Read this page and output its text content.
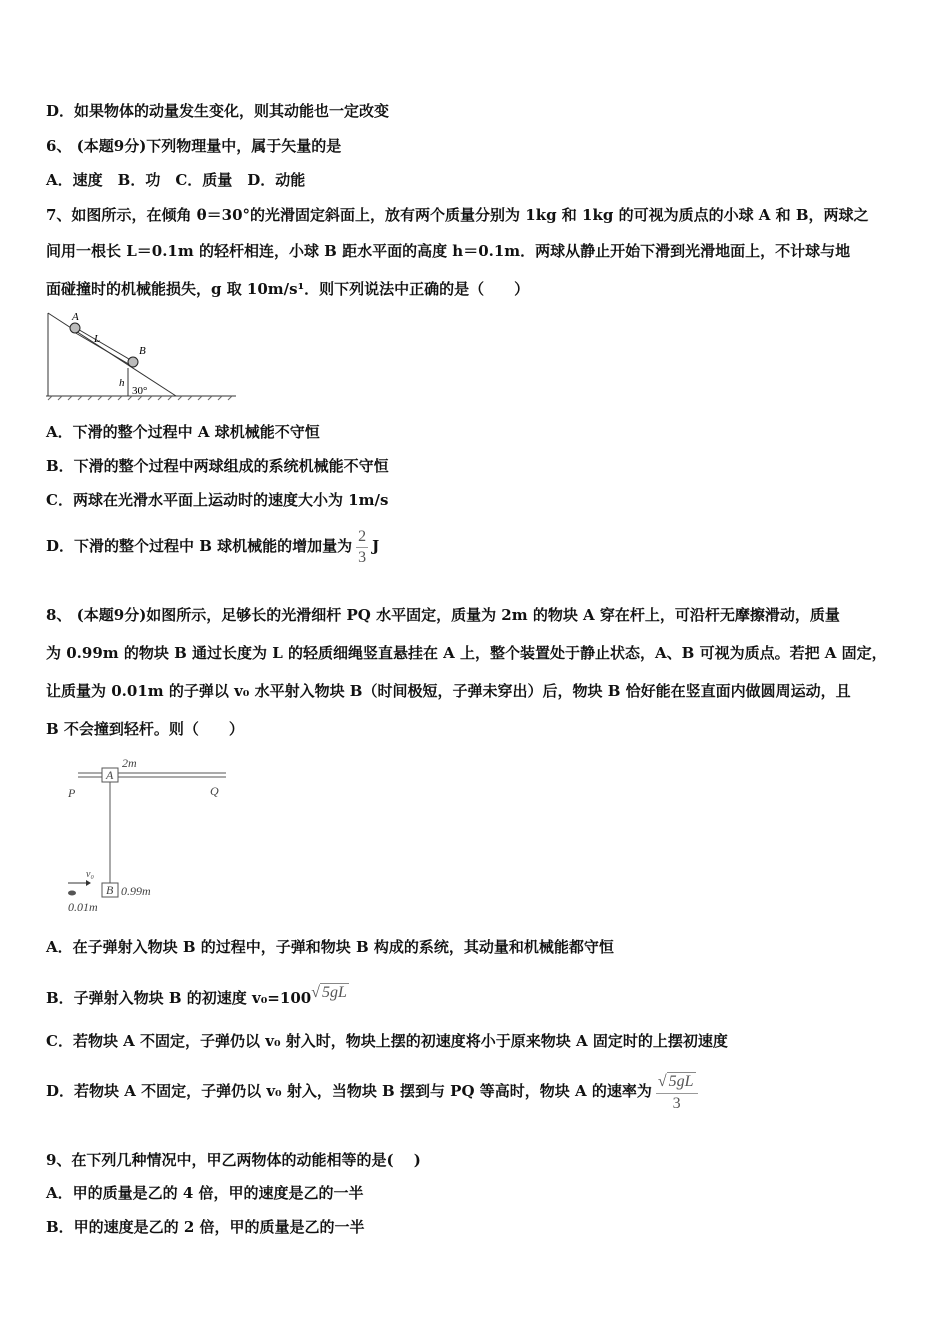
D．如果物体的动量发生变化，则其动能也一定改变
6、 (本题9分)下列物理量中，属于矢量的是
A．速度　B．功　C．质量　D．动能
7、如图所示，在倾角 θ＝30°的光滑固定斜面上，放有两个质量分别为 1kg 和 1kg 的可视为质点的小球 A 和 B，两球之
间用一根长 L＝0.1m 的轻杆相连，小球 B 距水平面的高度 h＝0.1m．两球从静止开始下滑到光滑地面上，不计球与地
面碰撞时的机械能损失，g 取 10m/s¹．则下列说法中正确的是（　　）
A
L
B
h
30°
A．下滑的整个过程中 A 球机械能不守恒
B．下滑的整个过程中两球组成的系统机械能不守恒
C．两球在光滑水平面上运动时的速度大小为 1m/s
D．下滑的整个过程中 B 球机械能的增加量为 $\frac{2}{3}$ J
8、 (本题9分)如图所示，足够长的光滑细杆 PQ 水平固定，质量为 2m 的物块 A 穿在杆上，可沿杆无摩擦滑动，质量
为 0.99m 的物块 B 通过长度为 L 的轻质细绳竖直悬挂在 A 上，整个装置处于静止状态，A、B 可视为质点。若把 A 固定，
让质量为 0.01m 的子弹以 v₀ 水平射入物块 B（时间极短，子弹未穿出）后，物块 B 恰好能在竖直面内做圆周运动，且
B 不会撞到轻杆。则（　　）
A
2m
P	Q
B 0.99m
v₀
0.01m
A．在子弹射入物块 B 的过程中，子弹和物块 B 构成的系统，其动量和机械能都守恒
B．子弹射入物块 B 的初速度 v₀=100√ 5gL
C．若物块 A 不固定，子弹仍以 v₀ 射入时，物块上摆的初速度将小于原来物块 A 固定时的上摆初速度
D．若物块 A 不固定，子弹仍以 v₀ 射入，当物块 B 摆到与 PQ 等高时，物块 A 的速率为 $\frac{√ 5gL}{3}$
9、在下列几种情况中，甲乙两物体的动能相等的是(　 )
A．甲的质量是乙的 4 倍，甲的速度是乙的一半
B．甲的速度是乙的 2 倍，甲的质量是乙的一半
